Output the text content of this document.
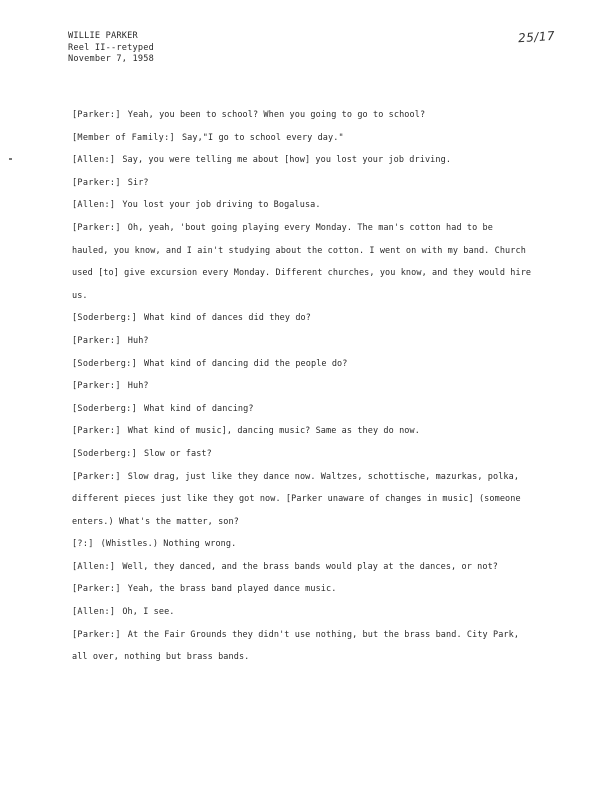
WILLIE PARKER
Reel II--retyped
November 7, 1958
25/17

[Parker:] Yeah, you been to school? When you going to go to school?

[Member of Family:] Say,"I go to school every day."

[Allen:] Say, you were telling me about [how] you lost your job driving.

[Parker:] Sir?

[Allen:] You lost your job driving to Bogalusa.

[Parker:] Oh, yeah, 'bout going playing every Monday. The man's cotton had to be hauled, you know, and I ain't studying about the cotton. I went on with my band. Church used [to] give excursion every Monday. Different churches, you know, and they would hire us.

[Soderberg:] What kind of dances did they do?

[Parker:] Huh?

[Soderberg:] What kind of dancing did the people do?

[Parker:] Huh?

[Soderberg:] What kind of dancing?

[Parker:] What kind of music], dancing music? Same as they do now.

[Soderberg:] Slow or fast?

[Parker:] Slow drag, just like they dance now. Waltzes, schottische, mazurkas, polka, different pieces just like they got now. [Parker unaware of changes in music] (someone enters.) What's the matter, son?

[?:] (Whistles.) Nothing wrong.

[Allen:] Well, they danced, and the brass bands would play at the dances, or not?

[Parker:] Yeah, the brass band played dance music.

[Allen:] Oh, I see.

[Parker:] At the Fair Grounds they didn't use nothing, but the brass band. City Park, all over, nothing but brass bands.
